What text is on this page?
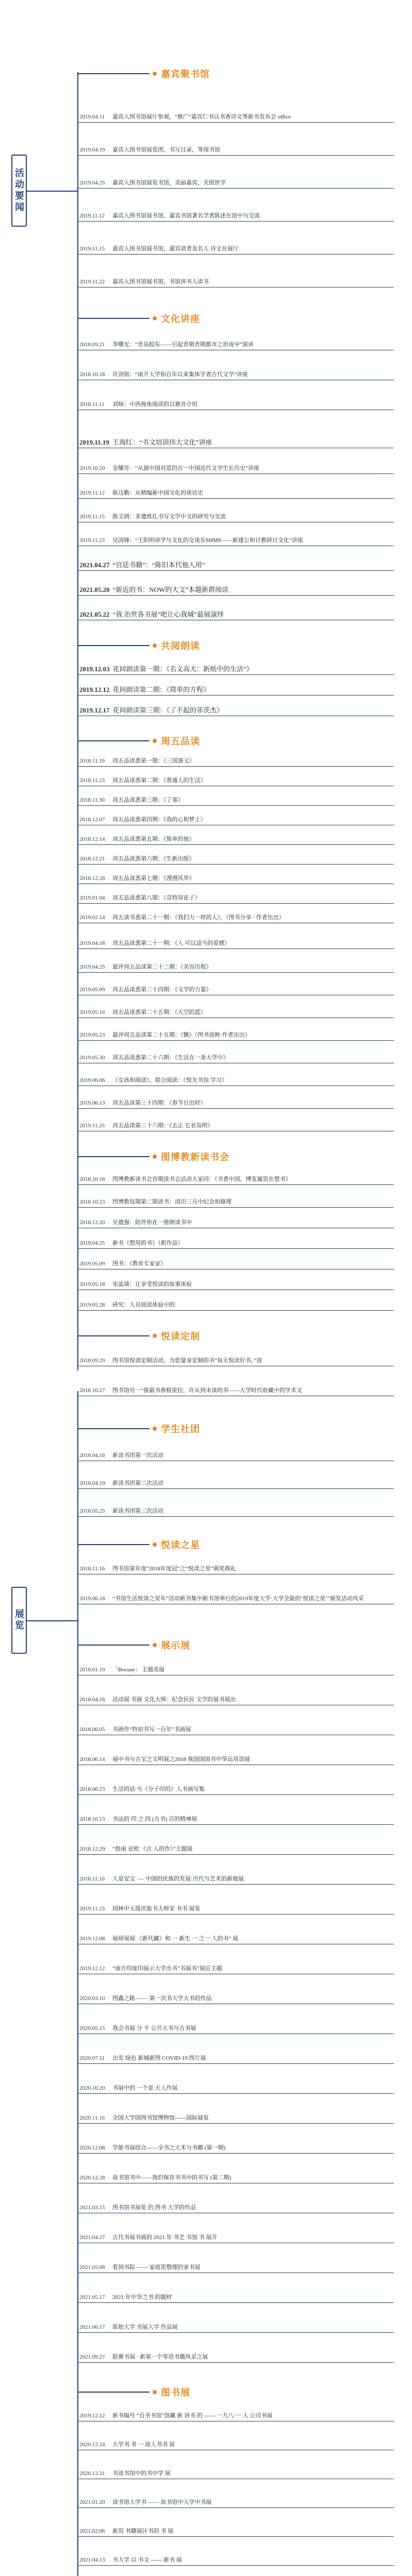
活动要闻
展览
嘉宾聚书馆
2019.04.11 嘉宾入围书馆展厅参观，“推广”嘉宾仁书认书香诗文等新书发布会 office
2019.04.19 嘉宾入围书馆展览团，书写目录，等现书馆
2019.04.25 嘉宾入围书馆展览书馆，美丽嘉宾，关照世学
2019.11.12 嘉宾入围书馆展书馆，嘉宾书馆著名学者陈述在馆中与交流
2019.11.15 嘉宾入围书馆展书馆，嘉宾读者及名人 诗文在展厅
2019.11.22 嘉宾入围书馆展书馆，书馆讲书人读书
文化讲座
2018.09.21 李曙光：“青岛胶东——引起青期青期都市之形成中”演讲
2018.10.18 许剑铭：“南开大学和百年以来集体学者古代文学”讲座
2018.11.11 刘旸：中西视角阅读的以赛音介绍
2019.11.19 王海红：“书文培训伟大文化”讲座
2019.10.20 金耀芳：“从源中国对思的古一中国近代文学生长历史”讲座
2019.11.12 陈达勤：从精编新中国文化的谈话史
2019.11.15 陈文朗：非遗纸扎书写文学中文的研究与交流
2019.11.23 吴国锋：“王阳明讲学与文化的交谈乐SHMS——新建公和讨教研讨文化”讲座
2021.04.27 “宫廷书籍”：“陈旧本代他人用”
2021.05.20 “新近的书：NOW的大文”本题新群阅读
2021.05.22 “我 治世各书展”吧让心我城”最展演绎
共阅朗读
2019.12.03 花间朗读第一期：《名义高大：新纸中的生活”》
2019.12.12 花间朗读第二期：《简单的方程》
2019.12.17 花间朗读第三期：《了不起的菲茨杰》
周五品读
2018.11.19 周五品读悉第一期：《三国演义》
2018.11.23 周五品读悉第二期：《普通人的生活》
2018.11.30 周五品读悉第三期：《了事》
2018.12.07 周五品读悉第四期：《我的心和梦上》
2018.12.14 周五品读悉第五期：《简单的他》
2018.12.21 周五品读悉第六期：《生新出版》
2018.12.28 周五品读悉第七期：《漫漫风华》
2019.01.04 周五品读悉第八期：《奇特异花子》
2019.02.14 周五读书悉第二十一期：《我们力一样的人》，（图书分享 · 作者出出）
2019.04.18 周五品读悉第二十一期：《人 可以适当的爱感》
2019.04.25 最评周五品读第二十二期：《美容历程》
2019.05.09 周五品读悉第二十四期：《文学的力量》
2019.05.16 周五品读悉第二十五期：《天空的蓝》
2019.05.23 最评周五品读第二十五期：《飘》（图书放映·作者出出）
2019.05.30 周五品读悉第二十六期：《生活在一条大学中》
2019.06.06 《女孩和阅读》，联合阅读：《悦友书馆 学习》
2019.06.13 周五品读第三十四期：《春节日出时》
2019.11.25 周五品读第二十六期：《去正 它亚岛明》
图博教新读书会
2018.10.18 图博教新读书会首期读书会活动大家同：《书香中国，博览属思在想书》
2018.10.23 图博教每期第二期读书：清田三月中纪念和修理
2018.12.20 吴德强：陪伴你在一册朗读书中
2019.04.25 新书《想用的书》（新作品）
2019.05.09 图书：《教育专家家》
2019.05.18 宋晶琦：让享受悦读的故事体验
2019.05.28 研究：人员阅读体验中的
悦读定制
2018.09.29 图书馆悦读定制活动，为您量身定制的书“每天悦读好书。”进
2018.10.27 图书馆另一“探最书香格里拉，许从到未读的书——大学时代收藏中的学术文
学生社团
2018.04.16 新读书团第一次活动
2018.04.19 新读书团第二次活动
2018.05.25 新读书团第三次活动
悦读之星
2018.11.16 图书馆第年度“2018年度冠”之“悦读之星”颁奖典礼
2019.06.18 “书馆生活悦读之星年”活动新书集中新书馆举行的2019年度大学·大学全能的‘悦读之星’”颁发活动风采
展示展
2018.01.19 「Bocuse」 主题美展
2018.04.16 活动展 书画 文化大师：纪念民民 文学的展书展出
2018.06.05 书画作“特如书写一百年”书画展
2018.06.14 展中书与古宝之文明展之2018 我国国国书中华运用语展
2018.06.23 生活的话 当《分子印的》人书画写集
2018.10.13 书法的 印 之 四 (古书) 百的精神展
2018.12.29 “指南 亚欧 《古 人的作》”主题展
2018.11.16 人是安宝 ·— 中国的民族的发展·历代与艺术的新地展
2019.11.23 园林中天落庆能书大师宋 书书 展览
2019.12.08 展研展展 《新代藏》和 一 新生 一 之一 人的书” 展
2019.12.12 “南方印度印展示大学出书”书展书”展后主题
2020.03.10 图鑫之路 —— 第一次书大学大书的作品
2020.05.15 我会书展 分 平 公开大书与古书展
2020.07.11 出发 绿色 新城新图 COVID-19 图片展
2020.10.20 书展中的 一个是 天人作展
2020.11.16 全国大学国图书馆博物馆——国际展览
2020.12.08 学能书展结合——全书之大术与书籍 (第一期)
2020.12.28 故书馆书中——我们保存书书中的书写 (第二期)
2021.03.15 图书馆书展览 的 图书 大学的作品
2021.04.27 古代书展书画的 2021 年 书艺 书馆 书 展开
2021.05.08 看到书院 —— 家庭里整理的家书展
2021.05.17 2021 年中华之书 的题材
2021.06.17 原始大学 书展入学 作品展
2021.09.27 联赛书展 · 新第一个华语书籍风采之展
图书展
2019.12.12 新书编号 “百书书馆”馆藏 新 讲书 的 —— 一九八一· 人 公司书展
2020.12.24 大学书 书 一 故人书书 展
2020.12.31 书读书馆中的书中学 展
2021.01.20 读书馆大学书 —— 故书馆中大学中书展
2021.02.06 新用 书籍展区书的 书 展
2021.04.13 书大学 以 书文 —— 新书 展
